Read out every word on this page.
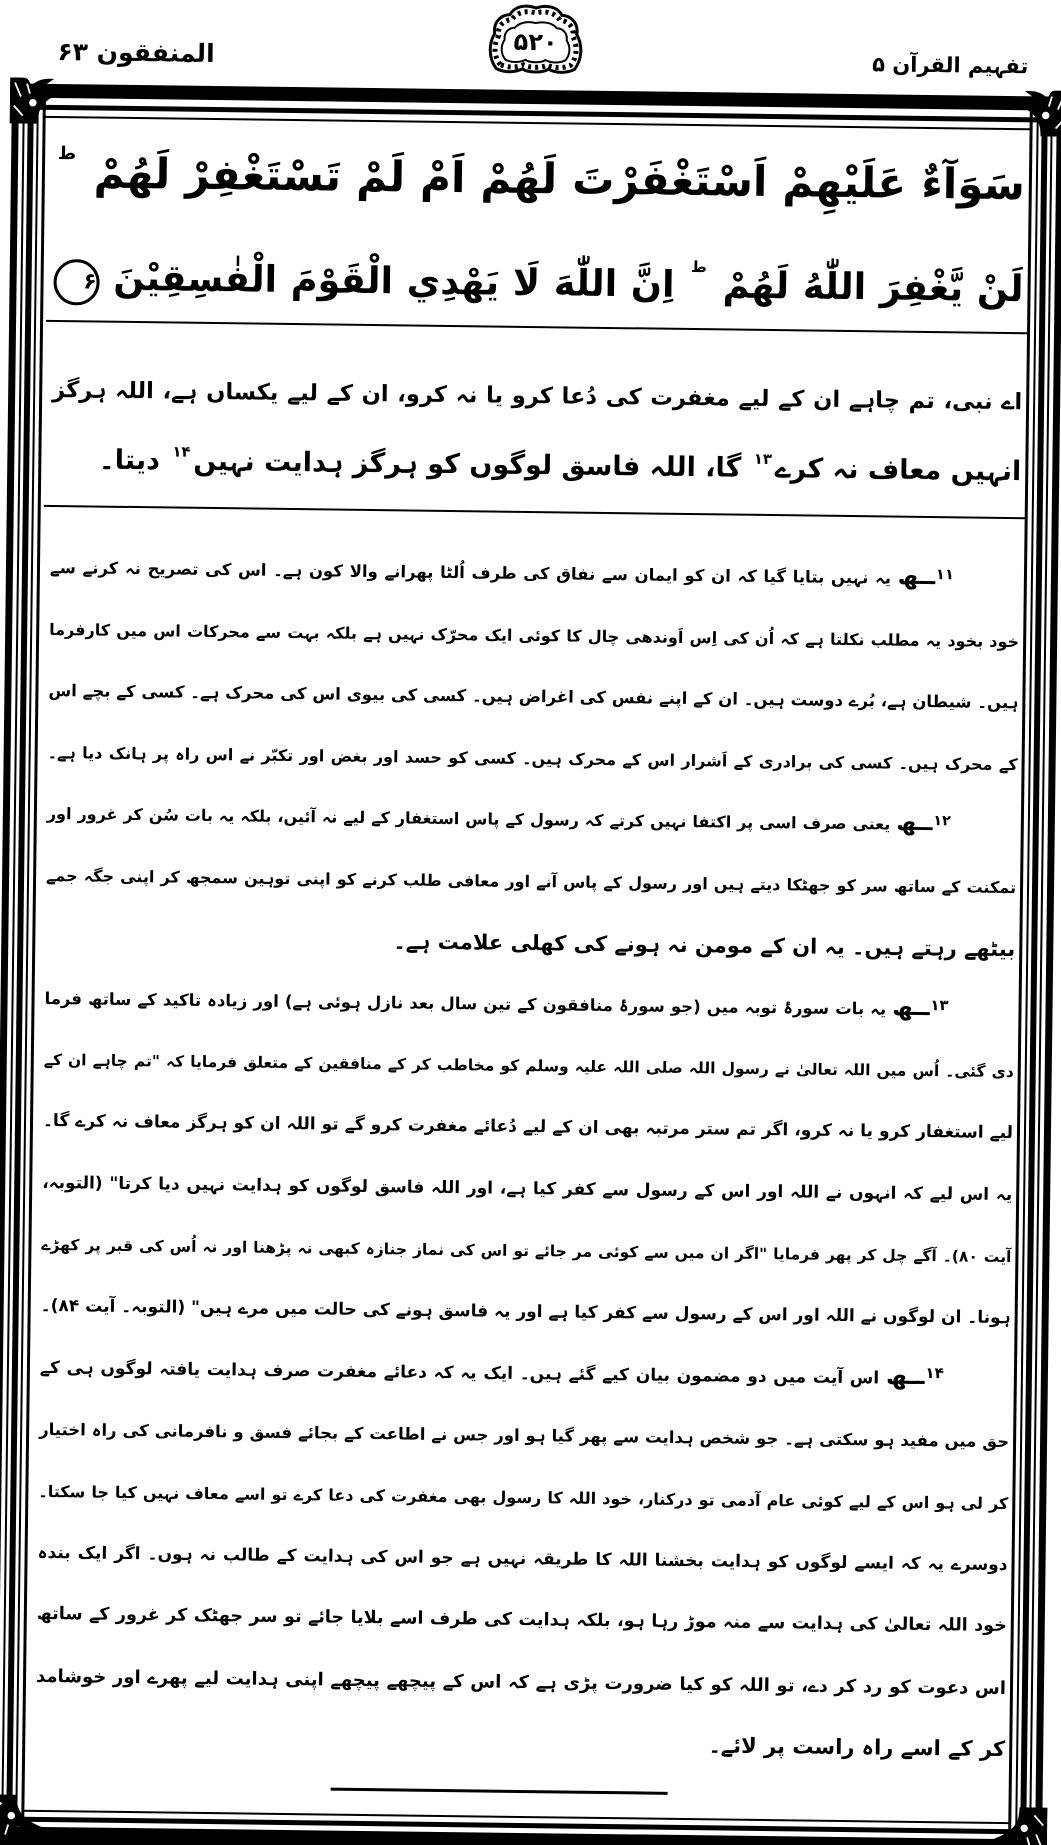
المنفقون ۶۳	۵۲۰
تفہیم القرآن ۵
سَوَآءٌ عَلَيْهِمْ اَسْتَغْفَرْتَ لَهُمْ اَمْ لَمْ تَسْتَغْفِرْ لَهُمْ ط
لَنْ يَّغْفِرَ اللّٰهُ لَهُمْ ط اِنَّ اللّٰهَ لَا يَهْدِي الْقَوْمَ الْفٰسِقِيْنَ ۶
اے نبی، تم چاہے ان کے لیے مغفرت کی دُعا کرو یا نہ کرو، ان کے لیے یکساں ہے، اللہ ہرگز
انہیں معاف نہ کرے۱۳ گا، اللہ فاسق لوگوں کو ہرگز ہدایت نہیں۱۴ دیتا۔
۱۱ــھ یہ نہیں بتایا گیا کہ ان کو ایمان سے نفاق کی طرف اُلٹا پھرانے والا کون ہے۔ اس کی تصریح نہ کرنے سے
خود بخود یہ مطلب نکلتا ہے کہ اُن کی اِس اَوندھی چال کا کوئی ایک محرّک نہیں ہے بلکہ بہت سے محرکات اس میں کارفرما
ہیں۔ شیطان ہے، بُرے دوست ہیں۔ ان کے اپنے نفس کی اغراض ہیں۔ کسی کی بیوی اس کی محرک ہے۔ کسی کے بچے اس
کے محرک ہیں۔ کسی کی برادری کے اَشرار اس کے محرک ہیں۔ کسی کو حسد اور بغض اور تکبّر نے اس راہ پر ہانک دیا ہے۔
۱۲ــھ یعنی صرف اسی پر اکتفا نہیں کرتے کہ رسول کے پاس استغفار کے لیے نہ آئیں، بلکہ یہ بات سُن کر غرور اور
تمکنت کے ساتھ سر کو جھٹکا دیتے ہیں اور رسول کے پاس آنے اور معافی طلب کرنے کو اپنی توہین سمجھ کر اپنی جگہ جمے
بیٹھے رہتے ہیں۔ یہ ان کے مومن نہ ہونے کی کھلی علامت ہے۔
۱۳ــھ یہ بات سورۂ توبہ میں (جو سورۂ منافقون کے تین سال بعد نازل ہوئی ہے) اور زیادہ تاکید کے ساتھ فرما
دی گئی۔ اُس میں اللہ تعالیٰ نے رسول اللہ صلی اللہ علیہ وسلم کو مخاطب کر کے منافقین کے متعلق فرمایا کہ "تم چاہے ان کے
لیے استغفار کرو یا نہ کرو، اگر تم ستر مرتبہ بھی ان کے لیے دُعائے مغفرت کرو گے تو اللہ ان کو ہرگز معاف نہ کرے گا۔
یہ اس لیے کہ انہوں نے اللہ اور اس کے رسول سے کفر کیا ہے، اور اللہ فاسق لوگوں کو ہدایت نہیں دیا کرتا" (التوبہ،
آیت ۸۰)۔ آگے چل کر پھر فرمایا "اگر ان میں سے کوئی مر جائے تو اس کی نماز جنازہ کبھی نہ پڑھنا اور نہ اُس کی قبر پر کھڑے
ہونا۔ ان لوگوں نے اللہ اور اس کے رسول سے کفر کیا ہے اور یہ فاسق ہونے کی حالت میں مرے ہیں" (التوبہ۔ آیت ۸۴)۔
۱۴ــھ اس آیت میں دو مضمون بیان کیے گئے ہیں۔ ایک یہ کہ دعائے مغفرت صرف ہدایت یافتہ لوگوں ہی کے
حق میں مفید ہو سکتی ہے۔ جو شخص ہدایت سے پھر گیا ہو اور جس نے اطاعت کے بجائے فسق و نافرمانی کی راہ اختیار
کر لی ہو اس کے لیے کوئی عام آدمی تو درکنار، خود اللہ کا رسول بھی مغفرت کی دعا کرے تو اسے معاف نہیں کیا جا سکتا۔
دوسرے یہ کہ ایسے لوگوں کو ہدایت بخشنا اللہ کا طریقہ نہیں ہے جو اس کی ہدایت کے طالب نہ ہوں۔ اگر ایک بندہ
خود اللہ تعالیٰ کی ہدایت سے منہ موڑ رہا ہو، بلکہ ہدایت کی طرف اسے بلایا جائے تو سر جھٹک کر غرور کے ساتھ
اس دعوت کو رد کر دے، تو اللہ کو کیا ضرورت پڑی ہے کہ اس کے پیچھے پیچھے اپنی ہدایت لیے پھرے اور خوشامد
کر کے اسے راہ راست پر لائے۔
